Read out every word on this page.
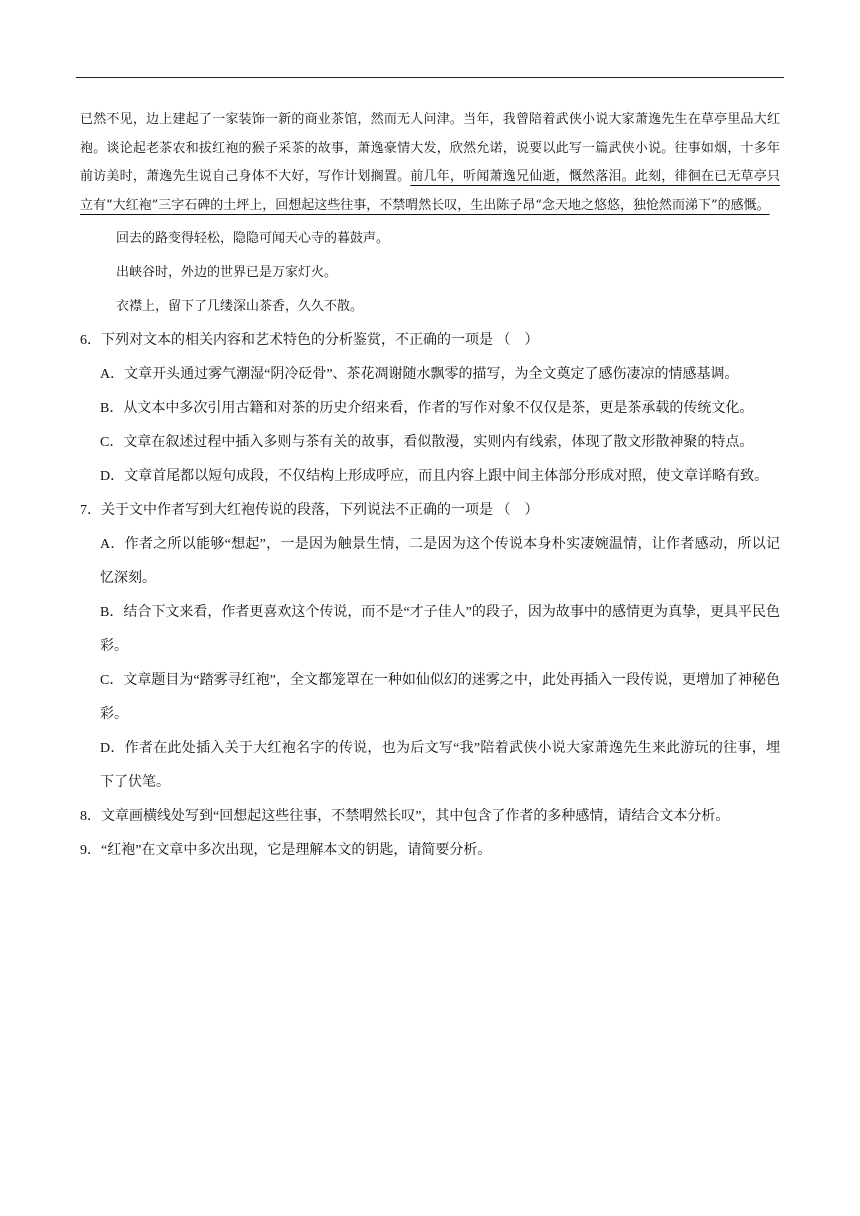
已然不见，边上建起了一家装饰一新的商业茶馆，然而无人问津。当年，我曾陪着武侠小说大家萧逸先生在草亭里品大红袍。谈论起老茶农和拔红袍的猴子采茶的故事，萧逸豪情大发，欣然允诺，说要以此写一篇武侠小说。往事如烟，十多年前访美时，萧逸先生说自己身体不大好，写作计划搁置。前几年，听闻萧逸兄仙逝，慨然落泪。此刻，徘徊在已无草亭只立有“大红袍”三字石碑的土坪上，回想起这些往事，不禁喟然长叹，生出陈子昂“念天地之悠悠，独怆然而涕下”的感慨。

回去的路变得轻松，隐隐可闻天心寺的暮鼓声。

出峡谷时，外边的世界已是万家灯火。

衣襟上，留下了几缕深山茶香，久久不散。

6．下列对文本的相关内容和艺术特色的分析鉴赏，不正确的一项是 （　）

A．文章开头通过雾气潮湿“阴冷砭骨”、茶花凋谢随水飘零的描写，为全文奠定了感伤凄凉的情感基调。

B．从文本中多次引用古籍和对茶的历史介绍来看，作者的写作对象不仅仅是茶，更是茶承载的传统文化。

C．文章在叙述过程中插入多则与茶有关的故事，看似散漫，实则内有线索，体现了散文形散神聚的特点。

D．文章首尾都以短句成段，不仅结构上形成呼应，而且内容上跟中间主体部分形成对照，使文章详略有致。

7．关于文中作者写到大红袍传说的段落，下列说法不正确的一项是 （　）

A．作者之所以能够“想起”，一是因为触景生情，二是因为这个传说本身朴实凄婉温情，让作者感动，所以记忆深刻。

B．结合下文来看，作者更喜欢这个传说，而不是“才子佳人”的段子，因为故事中的感情更为真挚，更具平民色彩。

C．文章题目为“踏雾寻红袍”，全文都笼罩在一种如仙似幻的迷雾之中，此处再插入一段传说，更增加了神秘色彩。

D．作者在此处插入关于大红袍名字的传说，也为后文写“我”陪着武侠小说大家萧逸先生来此游玩的往事，埋下了伏笔。

8．文章画横线处写到“回想起这些往事，不禁喟然长叹”，其中包含了作者的多种感情，请结合文本分析。

9．“红袍”在文章中多次出现，它是理解本文的钥匙，请简要分析。
